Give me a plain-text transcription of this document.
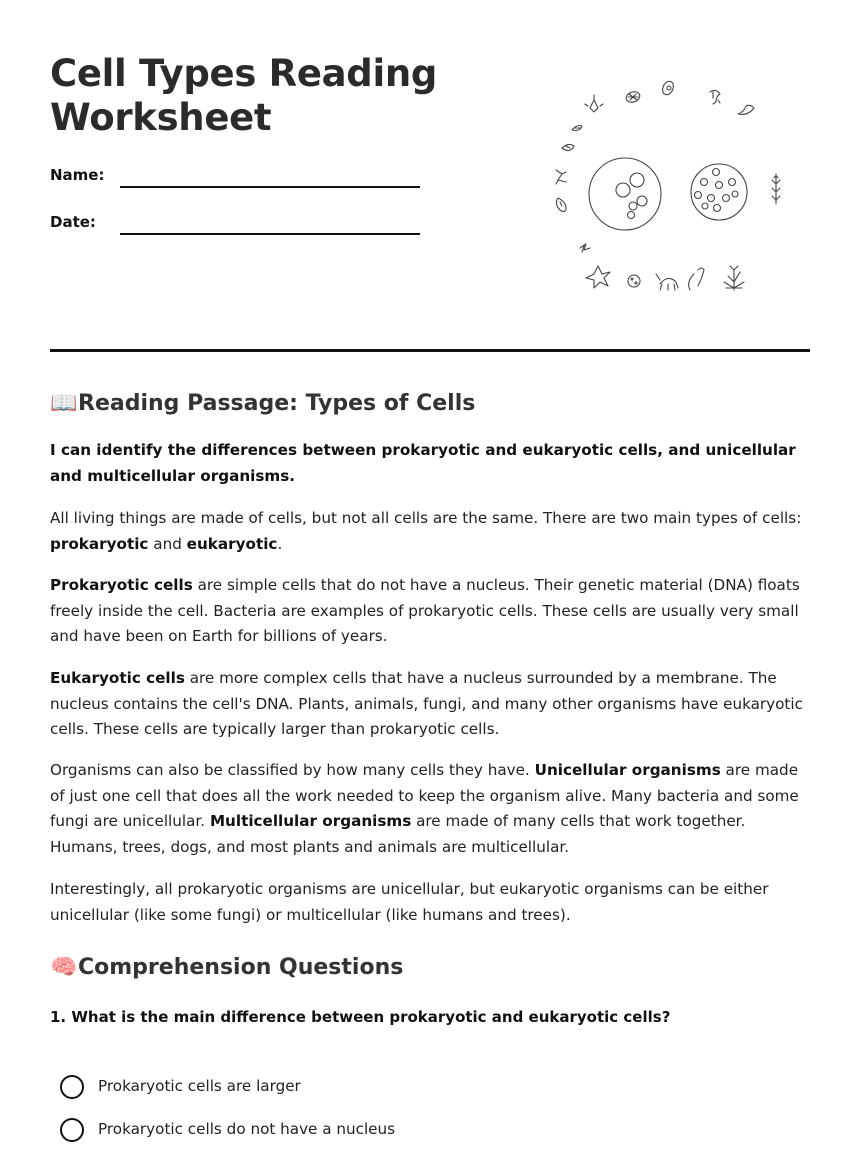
Cell Types Reading
Worksheet
Name:
Date:
📖Reading Passage: Types of Cells

I can identify the differences between prokaryotic and eukaryotic cells, and unicellular and multicellular organisms.

All living things are made of cells, but not all cells are the same. There are two main types of cells: prokaryotic and eukaryotic.

Prokaryotic cells are simple cells that do not have a nucleus. Their genetic material (DNA) floats freely inside the cell. Bacteria are examples of prokaryotic cells. These cells are usually very small and have been on Earth for billions of years.

Eukaryotic cells are more complex cells that have a nucleus surrounded by a membrane. The nucleus contains the cell's DNA. Plants, animals, fungi, and many other organisms have eukaryotic cells. These cells are typically larger than prokaryotic cells.

Organisms can also be classified by how many cells they have. Unicellular organisms are made of just one cell that does all the work needed to keep the organism alive. Many bacteria and some fungi are unicellular. Multicellular organisms are made of many cells that work together. Humans, trees, dogs, and most plants and animals are multicellular.

Interestingly, all prokaryotic organisms are unicellular, but eukaryotic organisms can be either unicellular (like some fungi) or multicellular (like humans and trees).

🧠Comprehension Questions

1. What is the main difference between prokaryotic and eukaryotic cells?

Prokaryotic cells are larger
Prokaryotic cells do not have a nucleus
